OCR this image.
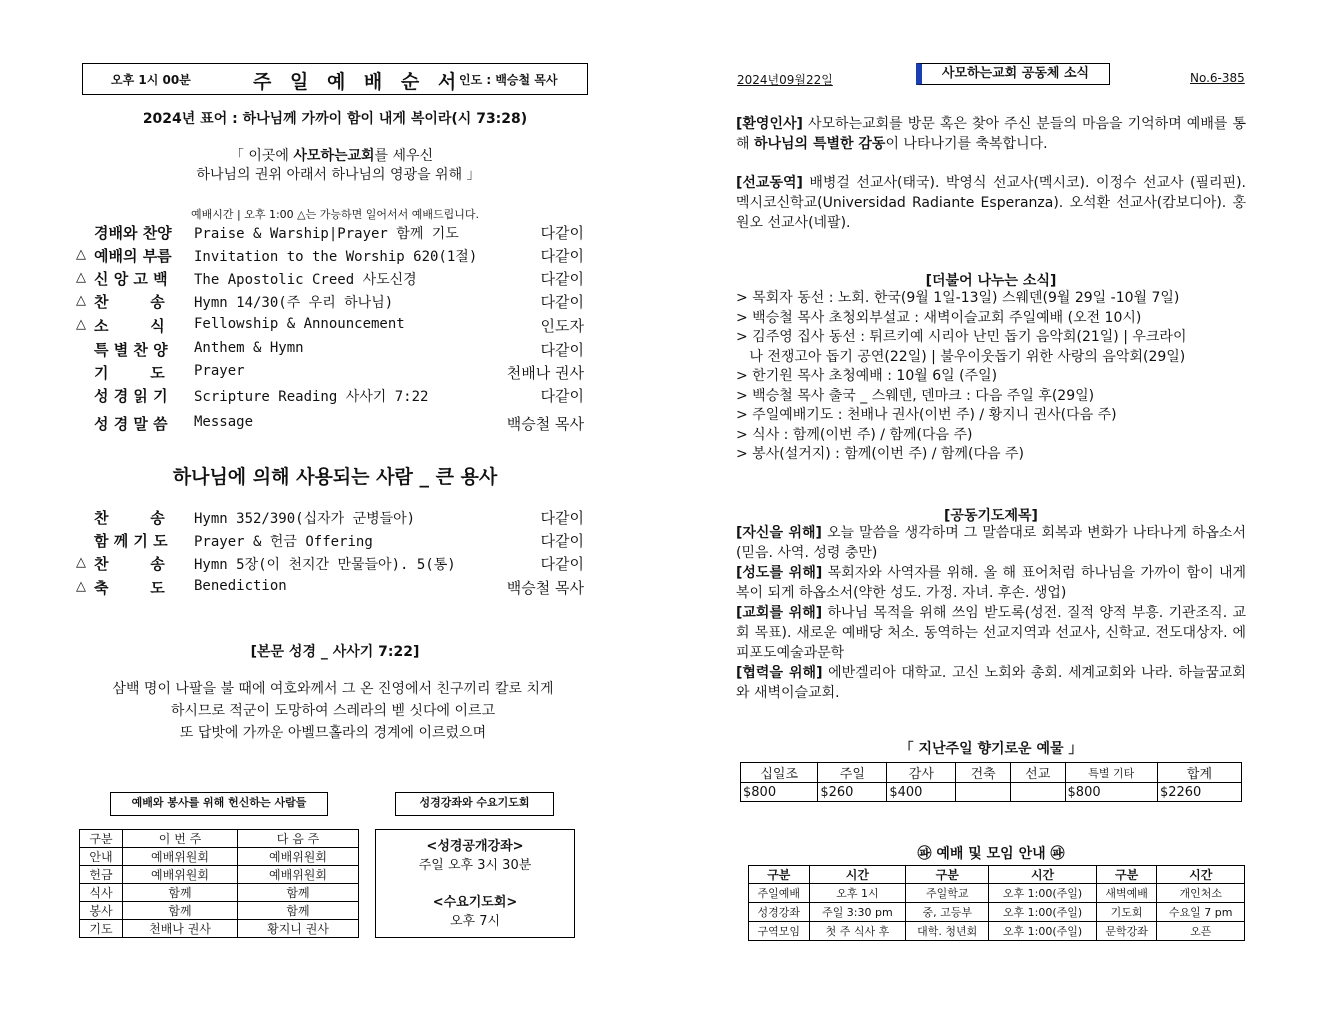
오후 1시 00분	주 일 예 배 순 서
인도 : 백승철 목사
2024년 표어 : 하나님께 가까이 함이 내게 복이라(시 73:28)
｢ 이곳에 사모하는교회를 세우신
하나님의 권위 아래서 하나님의 영광을 위해 ｣
예배시간 | 오후 1:00 △는 가능하면 일어서서 예배드립니다.
경배와 찬양	Praise & Warship|Prayer 함께 기도	다같이
△ 예배의 부름	Invitation to the Worship 620(1절)	다같이
△ 신 앙 고 백	The Apostolic Creed 사도신경	다같이
△ 찬        송	Hymn 14/30(주 우리 하나님)	다같이
△ 소        식	Fellowship & Announcement	인도자
특 별 찬 양	Anthem & Hymn	다같이
기        도	Prayer	천배나 권사
성 경 읽 기	Scripture Reading 사사기 7:22	다같이
성 경 말 씀	Message	백승철 목사
하나님에 의해 사용되는 사람 _ 큰 용사
찬        송	Hymn 352/390(십자가 군병들아)	다같이
함 께 기 도	Prayer & 헌금 Offering	다같이
△ 찬        송	Hymn 5장(이 천지간 만물들아). 5(통)	다같이
△ 축        도	Benediction	백승철 목사
[본문 성경 _ 사사기 7:22]
삼백 명이 나팔을 불 때에 여호와께서 그 온 진영에서 친구끼리 칼로 치게
하시므로 적군이 도망하여 스레라의 벧 싯다에 이르고
또 답밧에 가까운 아벨므홀라의 경계에 이르렀으며
예배와 봉사를 위해 헌신하는 사람들	성경강좌와 수요기도회
구분	이 번 주	다 음 주
안내	예배위원회	예배위원회
헌금	예배위원회	예배위원회
식사	함께	함께
봉사	함께	함께
기도	천배나 권사	황지니 권사
<성경공개강좌>
주일 오후 3시 30분
<수요기도회>
오후 7시
2024년09월22일	사모하는교회 공동체 소식	No.6-385
[환영인사] 사모하는교회를 방문 혹은 찾아 주신 분들의 마음을 기억하며 예배를 통해 하나님의 특별한 감동이 나타나기를 축복합니다.
[선교동역] 배병걸 선교사(태국). 박영식 선교사(멕시코). 이정수 선교사 (필리핀). 멕시코신학교(Universidad Radiante Esperanza). 오석환 선교사(캄보디아). 홍원오 선교사(네팔).
[더불어 나누는 소식]
> 목회자 동선 : 노회. 한국(9월 1일-13일) 스웨덴(9월 29일 -10월 7일)
> 백승철 목사 초청외부설교 : 새벽이슬교회 주일예배 (오전 10시)
> 김주영 집사 동선 : 튀르키예 시리아 난민 돕기 음악회(21일) | 우크라이
나 전쟁고아 돕기 공연(22일) | 불우이웃돕기 위한 사랑의 음악회(29일)
> 한기원 목사 초청예배 : 10월 6일 (주일)
> 백승철 목사 출국 _ 스웨덴, 덴마크 : 다음 주일 후(29일)
> 주일예배기도 : 천배나 권사(이번 주) / 황지니 권사(다음 주)
> 식사 : 함께(이번 주) / 함께(다음 주)
> 봉사(설거지) : 함께(이번 주) / 함께(다음 주)
[공동기도제목]
[자신을 위해] 오늘 말씀을 생각하며 그 말씀대로 회복과 변화가 나타나게 하옵소서(믿음. 사역. 성령 충만)
[성도를 위해] 목회자와 사역자를 위해. 올 해 표어처럼 하나님을 가까이 함이 내게 복이 되게 하옵소서(약한 성도. 가정. 자녀. 후손. 생업)
[교회를 위해] 하나님 목적을 위해 쓰임 받도록(성전. 질적 양적 부흥. 기관조직. 교회 목표). 새로운 예배당 처소. 동역하는 선교지역과 선교사, 신학교. 전도대상자. 에피포도예술과문학
[협력을 위해] 에반겔리아 대학교. 고신 노회와 총회. 세계교회와 나라. 하늘꿈교회와 새벽이슬교회.
「 지난주일 향기로운 예물 」
십일조	주일	감사	건축	선교	특별 기타	합계
$800	$260	$400			$800	$2260
㉺ 예배 및 모임 안내 ㉺
구분	시간	구분	시간	구분	시간
주일예배	오후 1시	주일학교	오후 1:00(주일)	새벽예배	개인처소
성경강좌	주일 3:30 pm	중, 고등부	오후 1:00(주일)	기도회	수요일 7 pm
구역모임	첫 주 식사 후	대학. 청년회	오후 1:00(주일)	문학강좌	오픈
